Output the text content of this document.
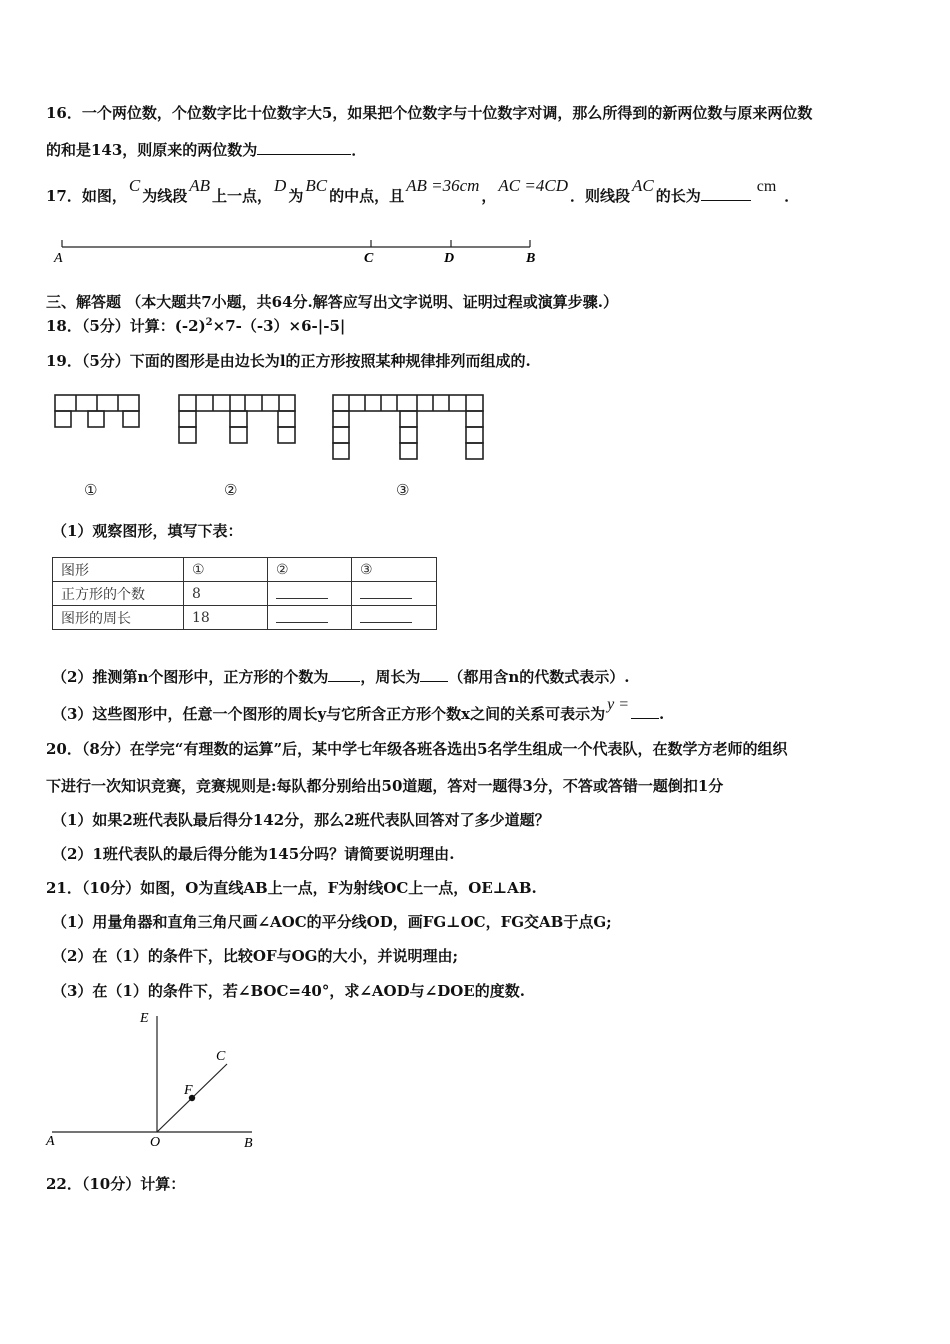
16．一个两位数，个位数字比十位数字大5，如果把个位数字与十位数字对调，那么所得到的新两位数与原来两位数
的和是143，则原来的两位数为	．
17．如图，C为线段AB上一点，D为BC的中点，且AB =36cm，AC =4CD．则线段AC的长为cm．
A	C	D	B
三、解答题 （本大题共7小题，共64分.解答应写出文字说明、证明过程或演算步骤.）
18．（5分）计算：$(-2)^2\times 7-(-3)\times 6-|-5|$
19．（5分）下面的图形是由边长为l的正方形按照某种规律排列而组成的.
①	②	③
（1）观察图形，填写下表：
图形	①	②	③
正方形的个数	8		
图形的周长	18		
（2）推测第n个图形中，正方形的个数为 ，周长为 （都用含n的代数式表示）.
（3）这些图形中，任意一个图形的周长y与它所含正方形个数x之间的关系可表示为y =.
20．（8分）在学完“有理数的运算”后，某中学七年级各班各选出5名学生组成一个代表队，在数学方老师的组织
下进行一次知识竞赛，竞赛规则是:每队都分别给出50道题，答对一题得3分，不答或答错一题倒扣1分
（1）如果2班代表队最后得分142分，那么2班代表队回答对了多少道题？
（2）1班代表队的最后得分能为145分吗？请简要说明理由.
21．（10分）如图，O为直线AB上一点，F为射线OC上一点，OE⊥AB.
（1）用量角器和直角三角尺画∠AOC的平分线OD，画FG⊥OC，FG交AB于点G;
（2）在（1）的条件下，比较OF与OG的大小，并说明理由;
（3）在（1）的条件下，若∠BOC=40°，求∠AOD与∠DOE的度数.
E
C
F
A	O	B
22．（10分）计算：
